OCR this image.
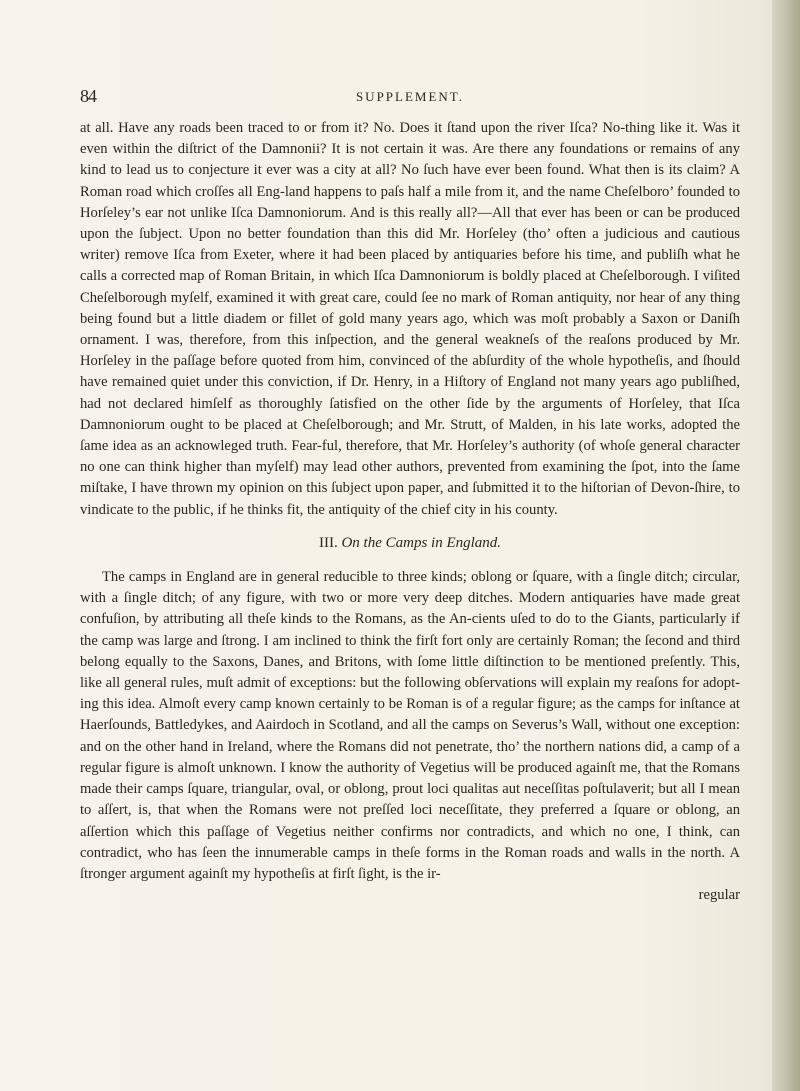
84	SUPPLEMENT.

at all. Have any roads been traced to or from it? No. Does it ſtand upon the river Iſca? No-thing like it. Was it even within the diſtrict of the Damnonii? It is not certain it was. Are there any foundations or remains of any kind to lead us to conjecture it ever was a city at all? No ſuch have ever been found. What then is its claim? A Roman road which croſſes all Eng-land happens to paſs half a mile from it, and the name Cheſelboro’ founded to Horſeley’s ear not unlike Iſca Damnoniorum. And is this really all?—All that ever has been or can be produced upon the ſubject. Upon no better foundation than this did Mr. Horſeley (tho’ often a judicious and cautious writer) remove Iſca from Exeter, where it had been placed by antiquaries before his time, and publiſh what he calls a corrected map of Roman Britain, in which Iſca Damnoniorum is boldly placed at Cheſelborough. I viſited Cheſelborough myſelf, examined it with great care, could ſee no mark of Roman antiquity, nor hear of any thing being found but a little diadem or fillet of gold many years ago, which was moſt probably a Saxon or Daniſh ornament. I was, therefore, from this inſpection, and the general weakneſs of the reaſons produced by Mr. Horſeley in the paſſage before quoted from him, convinced of the abſurdity of the whole hypotheſis, and ſhould have remained quiet under this conviction, if Dr. Henry, in a Hiſtory of England not many years ago publiſhed, had not declared himſelf as thoroughly ſatisfied on the other ſide by the arguments of Horſeley, that Iſca Damnoniorum ought to be placed at Cheſelborough; and Mr. Strutt, of Malden, in his late works, adopted the ſame idea as an acknowleged truth. Fear-ful, therefore, that Mr. Horſeley’s authority (of whoſe general character no one can think higher than myſelf) may lead other authors, prevented from examining the ſpot, into the ſame miſtake, I have thrown my opinion on this ſubject upon paper, and ſubmitted it to the hiſtorian of Devon-ſhire, to vindicate to the public, if he thinks fit, the antiquity of the chief city in his county.

III. On the Camps in England.

The camps in England are in general reducible to three kinds; oblong or ſquare, with a ſingle ditch; circular, with a ſingle ditch; of any figure, with two or more very deep ditches. Modern antiquaries have made great confuſion, by attributing all theſe kinds to the Romans, as the An-cients uſed to do to the Giants, particularly if the camp was large and ſtrong. I am inclined to think the firſt fort only are certainly Roman; the ſecond and third belong equally to the Saxons, Danes, and Britons, with ſome little diſtinction to be mentioned preſently. This, like all general rules, muſt admit of exceptions: but the following obſervations will explain my reaſons for adopt-ing this idea. Almoſt every camp known certainly to be Roman is of a regular figure; as the camps for inſtance at Haerſounds, Battledykes, and Aairdoch in Scotland, and all the camps on Severus’s Wall, without one exception: and on the other hand in Ireland, where the Romans did not penetrate, tho’ the northern nations did, a camp of a regular figure is almoſt unknown. I know the authority of Vegetius will be produced againſt me, that the Romans made their camps ſquare, triangular, oval, or oblong, prout loci qualitas aut neceſſitas poſtulaverit; but all I mean to aſſert, is, that when the Romans were not preſſed loci neceſſitate, they preferred a ſquare or oblong, an aſſertion which this paſſage of Vegetius neither confirms nor contradicts, and which no one, I think, can contradict, who has ſeen the innumerable camps in theſe forms in the Roman roads and walls in the north. A ſtronger argument againſt my hypotheſis at firſt ſight, is the ir-

regular
